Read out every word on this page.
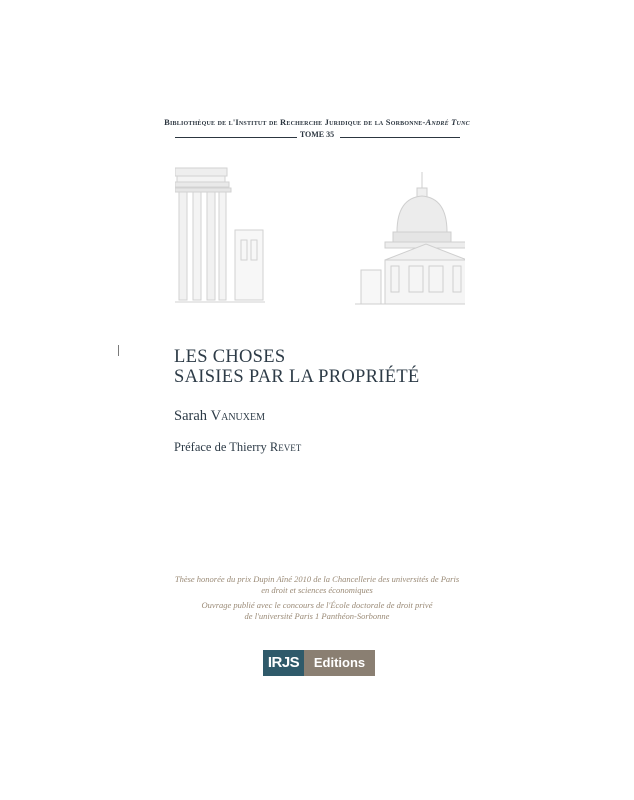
Bibliothèque de l'Institut de Recherche Juridique de la Sorbonne-André Tunc
TOME 35
LES CHOSES
SAISIES PAR LA PROPRIÉTÉ
Sarah Vanuxem
Préface de Thierry Revet
Thèse honorée du prix Dupin Aîné 2010 de la Chancellerie des universités de Paris
en droit et sciences économiques
Ouvrage publié avec le concours de l'École doctorale de droit privé
de l'université Paris 1 Panthéon-Sorbonne
IRJS	Editions
